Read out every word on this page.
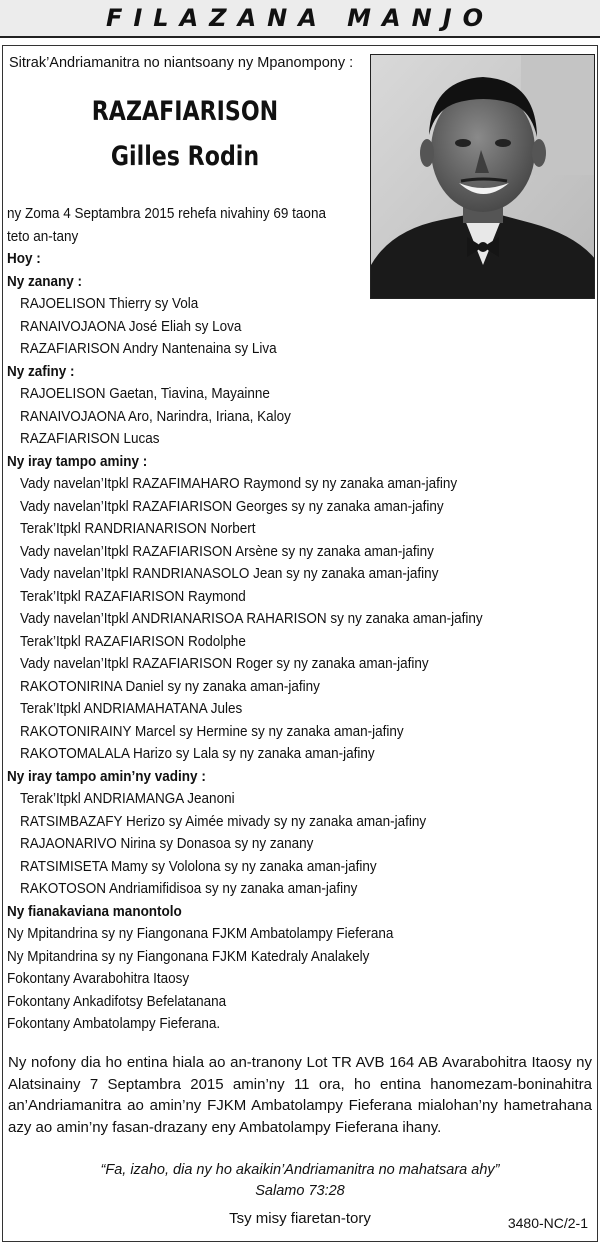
FILAZANA MANJO
Sitrak’Andriamanitra no niantsoany ny Mpanompony :
RAZAFIARISON
Gilles Rodin
ny Zoma 4 Septambra 2015 rehefa nivahiny 69 taona
teto an-tany
Hoy :
Ny zanany :
RAJOELISON Thierry sy Vola
RANAIVOJAONA José Eliah sy Lova
RAZAFIARISON Andry Nantenaina sy Liva
Ny zafiny :
RAJOELISON Gaetan, Tiavina, Mayainne
RANAIVOJAONA Aro, Narindra, Iriana, Kaloy
RAZAFIARISON Lucas
Ny iray tampo aminy :
Vady navelan’Itpkl RAZAFIMAHARO Raymond sy ny zanaka aman-jafiny
Vady navelan’Itpkl RAZAFIARISON Georges sy ny zanaka aman-jafiny
Terak’Itpkl RANDRIANARISON Norbert
Vady navelan’Itpkl RAZAFIARISON Arsène sy ny zanaka aman-jafiny
Vady navelan’Itpkl RANDRIANASOLO Jean sy ny zanaka aman-jafiny
Terak’Itpkl RAZAFIARISON Raymond
Vady navelan’Itpkl ANDRIANARISOA RAHARISON sy ny zanaka aman-jafiny
Terak’Itpkl RAZAFIARISON Rodolphe
Vady navelan’Itpkl RAZAFIARISON Roger sy ny zanaka aman-jafiny
RAKOTONIRINA Daniel sy ny zanaka aman-jafiny
Terak’Itpkl ANDRIAMAHATANA Jules
RAKOTONIRAINY Marcel sy Hermine sy ny zanaka aman-jafiny
RAKOTOMALALA Harizo sy Lala sy ny zanaka aman-jafiny
Ny iray tampo amin’ny vadiny :
Terak’Itpkl ANDRIAMANGA Jeanoni
RATSIMBAZAFY Herizo sy Aimée mivady sy ny zanaka aman-jafiny
RAJAONARIVO Nirina sy Donasoa sy ny zanany
RATSIMISETA Mamy sy Vololona sy ny zanaka aman-jafiny
RAKOTOSON Andriamifidisoa sy ny zanaka aman-jafiny
Ny fianakaviana manontolo
Ny Mpitandrina sy ny Fiangonana FJKM Ambatolampy Fieferana
Ny Mpitandrina sy ny Fiangonana FJKM Katedraly Analakely
Fokontany Avarabohitra Itaosy
Fokontany Ankadifotsy Befelatanana
Fokontany Ambatolampy Fieferana.
Ny nofony dia ho entina hiala ao an-tranony Lot TR AVB 164 AB Avarabohitra Itaosy ny Alatsinainy 7 Septambra 2015 amin’ny 11 ora, ho entina hanomezam-boninahitra an’Andriamanitra ao amin’ny FJKM Ambatolampy Fieferana mialohan’ny hametrahana azy ao amin’ny fasan-drazany eny Ambatolampy Fieferana ihany.
“Fa, izaho, dia ny ho akaikin’Andriamanitra no mahatsara ahy”
Salamo 73:28
Tsy misy fiaretan-tory	3480-NC/2-1
